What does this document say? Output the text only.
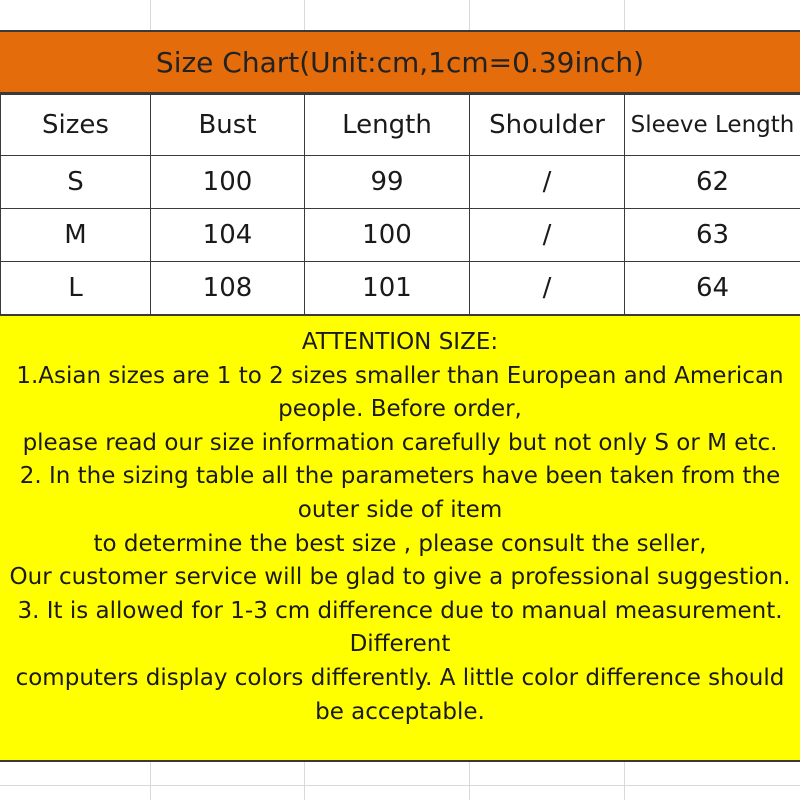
Size Chart(Unit:cm,1cm=0.39inch)
Sizes	Bust	Length	Shoulder	Sleeve Length
S	100	99	/	62
M	104	100	/	63
L	108	101	/	64
ATTENTION SIZE:
1.Asian sizes are 1 to 2 sizes smaller than European and American
people. Before order,
please read our size information carefully but not only S or M etc.
2. In the sizing table all the parameters have been taken from the
outer side of item
to determine the best size , please consult the seller,
Our customer service will be glad to give a professional suggestion.
3. It is allowed for 1-3 cm difference due to manual measurement.
Different
computers display colors differently. A little color difference should
be acceptable.
